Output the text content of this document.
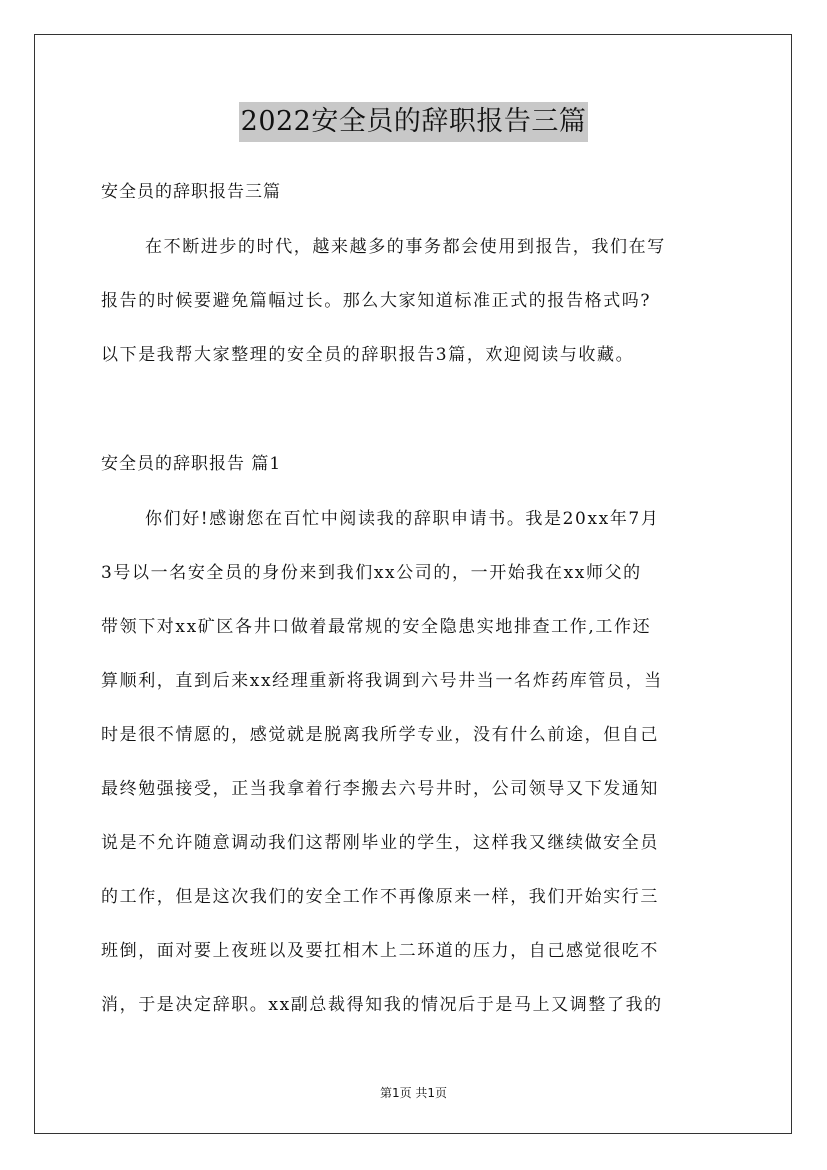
2022安全员的辞职报告三篇
安全员的辞职报告三篇
在不断进步的时代，越来越多的事务都会使用到报告，我们在写
报告的时候要避免篇幅过长。那么大家知道标准正式的报告格式吗?
以下是我帮大家整理的安全员的辞职报告3篇，欢迎阅读与收藏。
安全员的辞职报告 篇1
你们好!感谢您在百忙中阅读我的辞职申请书。我是20xx年7月
3号以一名安全员的身份来到我们xx公司的，一开始我在xx师父的
带领下对xx矿区各井口做着最常规的安全隐患实地排查工作,工作还
算顺利，直到后来xx经理重新将我调到六号井当一名炸药库管员，当
时是很不情愿的，感觉就是脱离我所学专业，没有什么前途，但自己
最终勉强接受，正当我拿着行李搬去六号井时，公司领导又下发通知
说是不允许随意调动我们这帮刚毕业的学生，这样我又继续做安全员
的工作，但是这次我们的安全工作不再像原来一样，我们开始实行三
班倒，面对要上夜班以及要扛相木上二环道的压力，自己感觉很吃不
消，于是决定辞职。xx副总裁得知我的情况后于是马上又调整了我的
第1页 共1页
